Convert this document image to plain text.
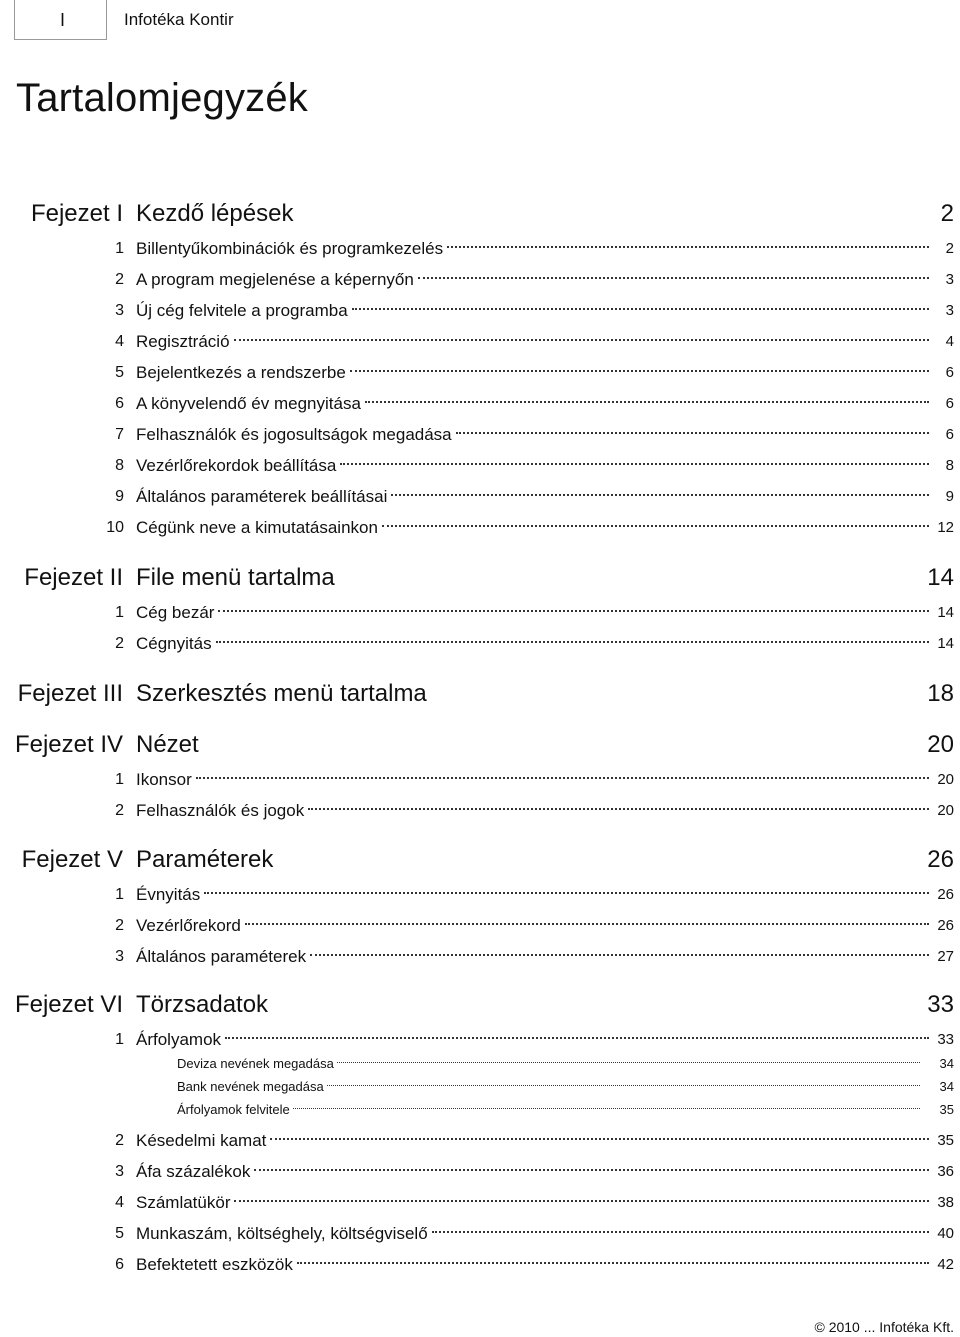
I	Infotéka Kontir
Tartalomjegyzék
Fejezet I Kezdő lépések	2
1 Billentyűkombinációk és programkezelés	2
2 A program megjelenése a képernyőn	3
3 Új cég felvitele a programba	3
4 Regisztráció	4
5 Bejelentkezés a rendszerbe	6
6 A könyvelendő év megnyitása	6
7 Felhasználók és jogosultságok megadása	6
8 Vezérlőrekordok beállítása	8
9 Általános paraméterek beállításai	9
10 Cégünk neve a kimutatásainkon	12
Fejezet II File menü tartalma	14
1 Cég bezár	14
2 Cégnyitás	14
Fejezet III Szerkesztés menü tartalma	18
Fejezet IV Nézet	20
1 Ikonsor	20
2 Felhasználók és jogok	20
Fejezet V Paraméterek	26
1 Évnyitás	26
2 Vezérlőrekord	26
3 Általános paraméterek	27
Fejezet VI Törzsadatok	33
1 Árfolyamok	33
Deviza nevének megadása	34
Bank nevének megadása	34
Árfolyamok felvitele	35
2 Késedelmi kamat	35
3 Áfa százalékok	36
4 Számlatükör	38
5 Munkaszám, költséghely, költségviselő	40
6 Befektetett eszközök	42
© 2010 ... Infotéka Kft.
